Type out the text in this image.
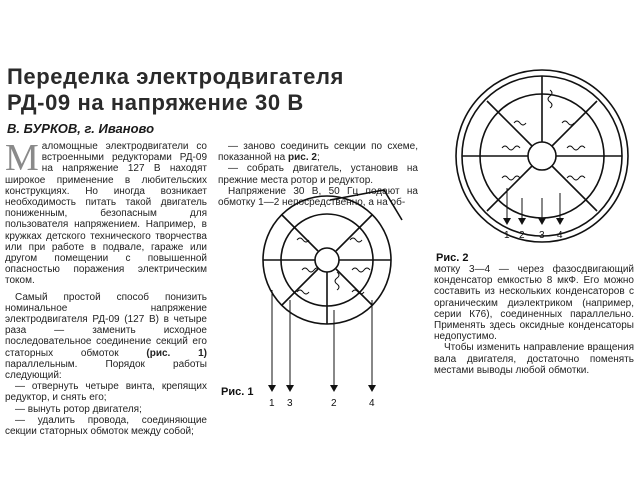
Переделка электродвигателя
РД-09 на напряжение 30 В
В. БУРКОВ, г. Иваново

Маломощные электродвигатели со встроенными редукторами РД-09 на напряжение 127 В находят широкое применение в любительских конструкциях. Но иногда возникает необходимость питать такой двигатель пониженным, безопасным для пользователя напряжением. Например, в кружках детского технического творчества или при работе в подвале, гараже или другом помещении с повышенной опасностью поражения электрическим током.

Самый простой способ понизить номинальное напряжение электродвигателя РД-09 (127 В) в четыре раза — заменить исходное последовательное соединение секций его статорных обмоток (рис. 1) параллельным. Порядок работы следующий:

— отвернуть четыре винта, крепящих редуктор, и снять его;

— вынуть ротор двигателя;

— удалить провода, соединяющие секции статорных обмоток между собой;

— заново соединить секции по схеме, показанной на рис. 2;

— собрать двигатель, установив на прежние места ротор и редуктор.

Напряжение 30 В, 50 Гц подают на обмотку 1—2 непосредственно, а на об-

мотку 3—4 — через фазосдвигающий конденсатор емкостью 8 мкФ. Его можно составить из нескольких конденсаторов с органическим диэлектриком (например, серии К76), соединенных параллельно. Применять здесь оксидные конденсаторы недопустимо.

Чтобы изменить направление вращения вала двигателя, достаточно поменять местами выводы любой обмотки.

Рис. 1
1 3	2	4
Рис. 2
1 2 3 4
